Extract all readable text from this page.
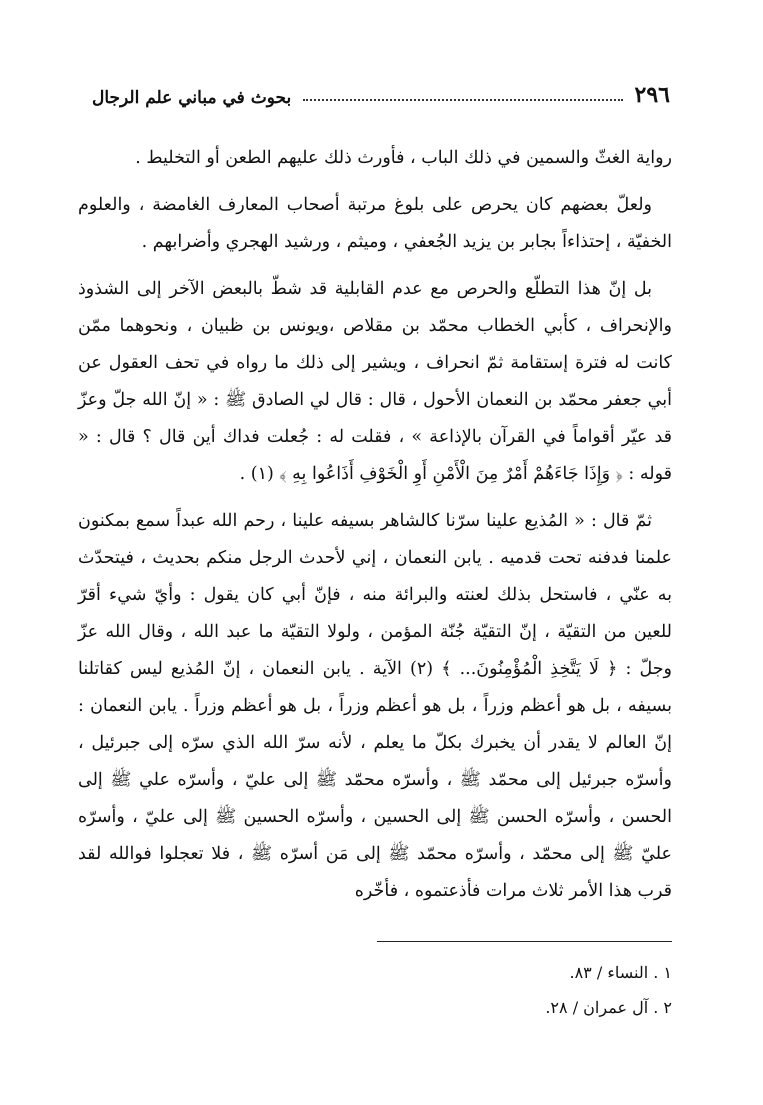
٢٩٦
بحوث في مباني علم الرجال

رواية الغثّ والسمين في ذلك الباب ، فأورث ذلك عليهم الطعن أو التخليط .

ولعلّ بعضهم كان يحرص على بلوغ مرتبة أصحاب المعارف الغامضة ، والعلوم الخفيّة ، إحتذاءاً بجابر بن يزيد الجُعفي ، وميثم ، ورشيد الهجري وأضرابهم .

بل إنّ هذا التطلّع والحرص مع عدم القابلية قد شطّ بالبعض الآخر إلى الشذوذ والإنحراف ، كأبي الخطاب محمّد بن مقلاص ،ويونس بن ظبيان ، ونحوهما ممّن كانت له فترة إستقامة ثمّ انحراف ، ويشير إلى ذلك ما رواه في تحف العقول عن أبي جعفر محمّد بن النعمان الأحول ، قال : قال لي الصادق ﷺ : « إنّ الله جلّ وعزّ قد عيّر أقواماً في القرآن بالإذاعة » ، فقلت له : جُعلت فداك أين قال ؟ قال : « قوله : ﴿ وَإِذَا جَاءَهُمْ أَمْرٌ مِنَ الْأَمْنِ أَوِ الْخَوْفِ أَذَاعُوا بِهِ ﴾ (١) .

ثمّ قال : « المُذيع علينا سرّنا كالشاهر بسيفه علينا ، رحم الله عبداً سمع بمكنون علمنا فدفنه تحت قدميه . يابن النعمان ، إني لأحدث الرجل منكم بحديث ، فيتحدّث به عنّي ، فاستحل بذلك لعنته والبرائة منه ، فإنّ أبي كان يقول : وأيّ شيء أقرّ للعين من التقيّة ، إنّ التقيّة جُنّة المؤمن ، ولولا التقيّة ما عبد الله ، وقال الله عزّ وجلّ : ﴿ لَا يَتَّخِذِ الْمُؤْمِنُونَ... ﴾ (٢) الآية . يابن النعمان ، إنّ المُذيع ليس كقاتلنا بسيفه ، بل هو أعظم وزراً ، بل هو أعظم وزراً ، بل هو أعظم وزراً . يابن النعمان : إنّ العالم لا يقدر أن يخبرك بكلّ ما يعلم ، لأنه سرّ الله الذي سرّه إلى جبرئيل ، وأسرّه جبرئيل إلى محمّد ﷺ ، وأسرّه محمّد ﷺ إلى عليّ ، وأسرّه علي ﷺ إلى الحسن ، وأسرّه الحسن ﷺ إلى الحسين ، وأسرّه الحسين ﷺ إلى عليّ ، وأسرّه عليّ ﷺ إلى محمّد ، وأسرّه محمّد ﷺ إلى مَن أسرّه ﷺ ، فلا تعجلوا فوالله لقد قرب هذا الأمر ثلاث مرات فأذعتموه ، فأخّره

١ . النساء / ٨٣.
٢ . آل عمران / ٢٨.
